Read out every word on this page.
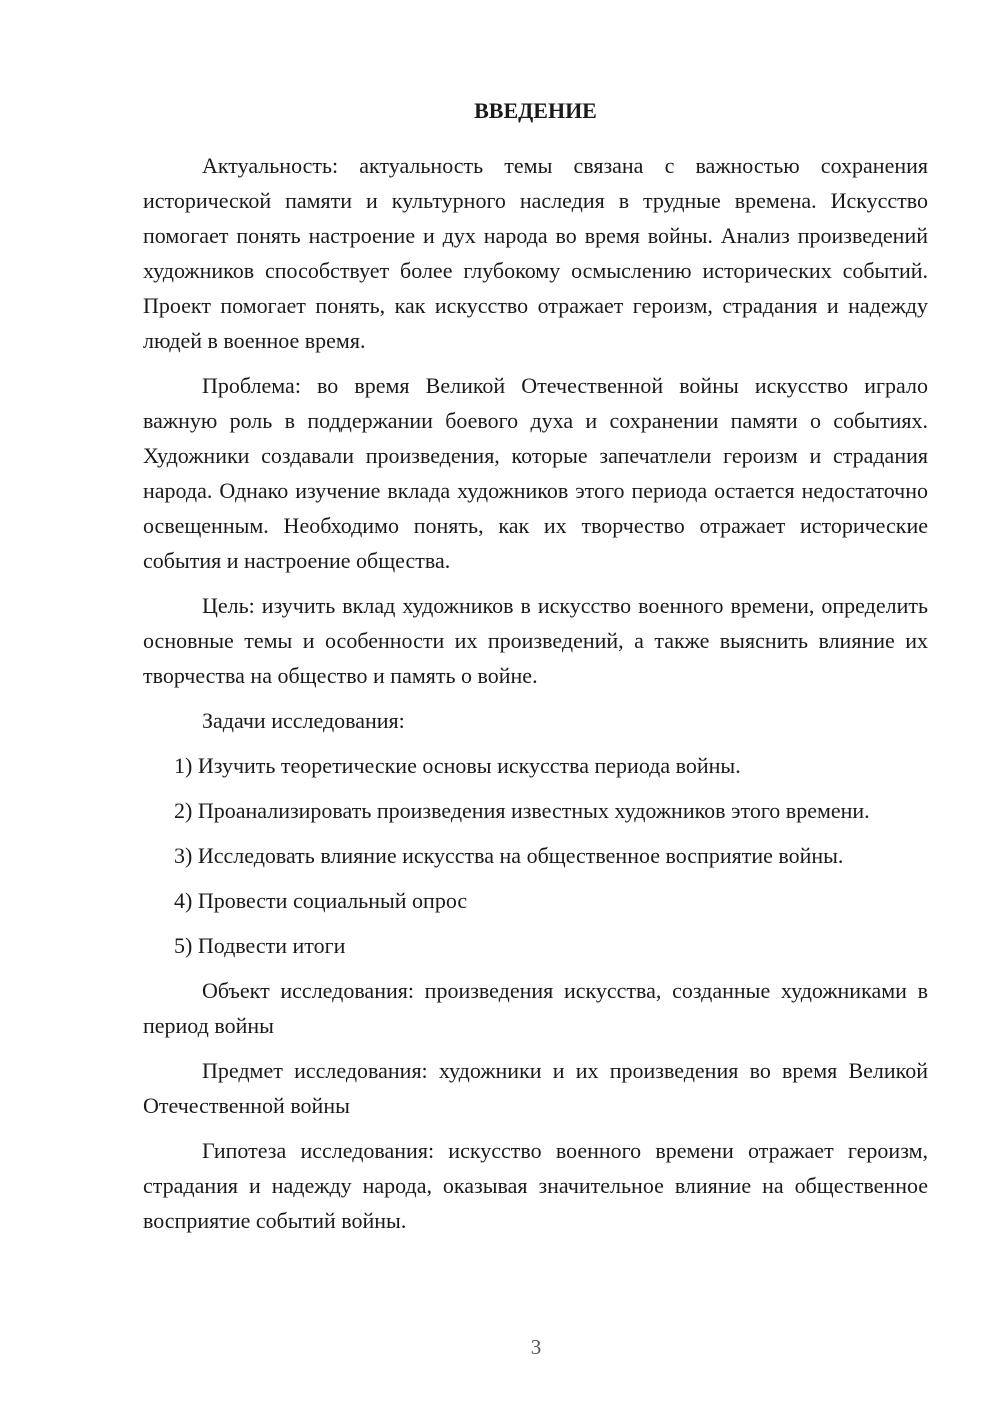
ВВЕДЕНИЕ

Актуальность: актуальность темы связана с важностью сохранения исторической памяти и культурного наследия в трудные времена. Искусство помогает понять настроение и дух народа во время войны. Анализ произведений художников способствует более глубокому осмыслению исторических событий. Проект помогает понять, как искусство отражает героизм, страдания и надежду людей в военное время.

Проблема: во время Великой Отечественной войны искусство играло важную роль в поддержании боевого духа и сохранении памяти о событиях. Художники создавали произведения, которые запечатлели героизм и страдания народа. Однако изучение вклада художников этого периода остается недостаточно освещенным. Необходимо понять, как их творчество отражает исторические события и настроение общества.

Цель: изучить вклад художников в искусство военного времени, определить основные темы и особенности их произведений, а также выяснить влияние их творчества на общество и память о войне.

Задачи исследования:

1) Изучить теоретические основы искусства периода войны.

2) Проанализировать произведения известных художников этого времени.

3) Исследовать влияние искусства на общественное восприятие войны.

4) Провести социальный опрос

5) Подвести итоги

Объект исследования: произведения искусства, созданные художниками в период войны

Предмет исследования: художники и их произведения во время Великой Отечественной войны

Гипотеза исследования: искусство военного времени отражает героизм, страдания и надежду народа, оказывая значительное влияние на общественное восприятие событий войны.

3
